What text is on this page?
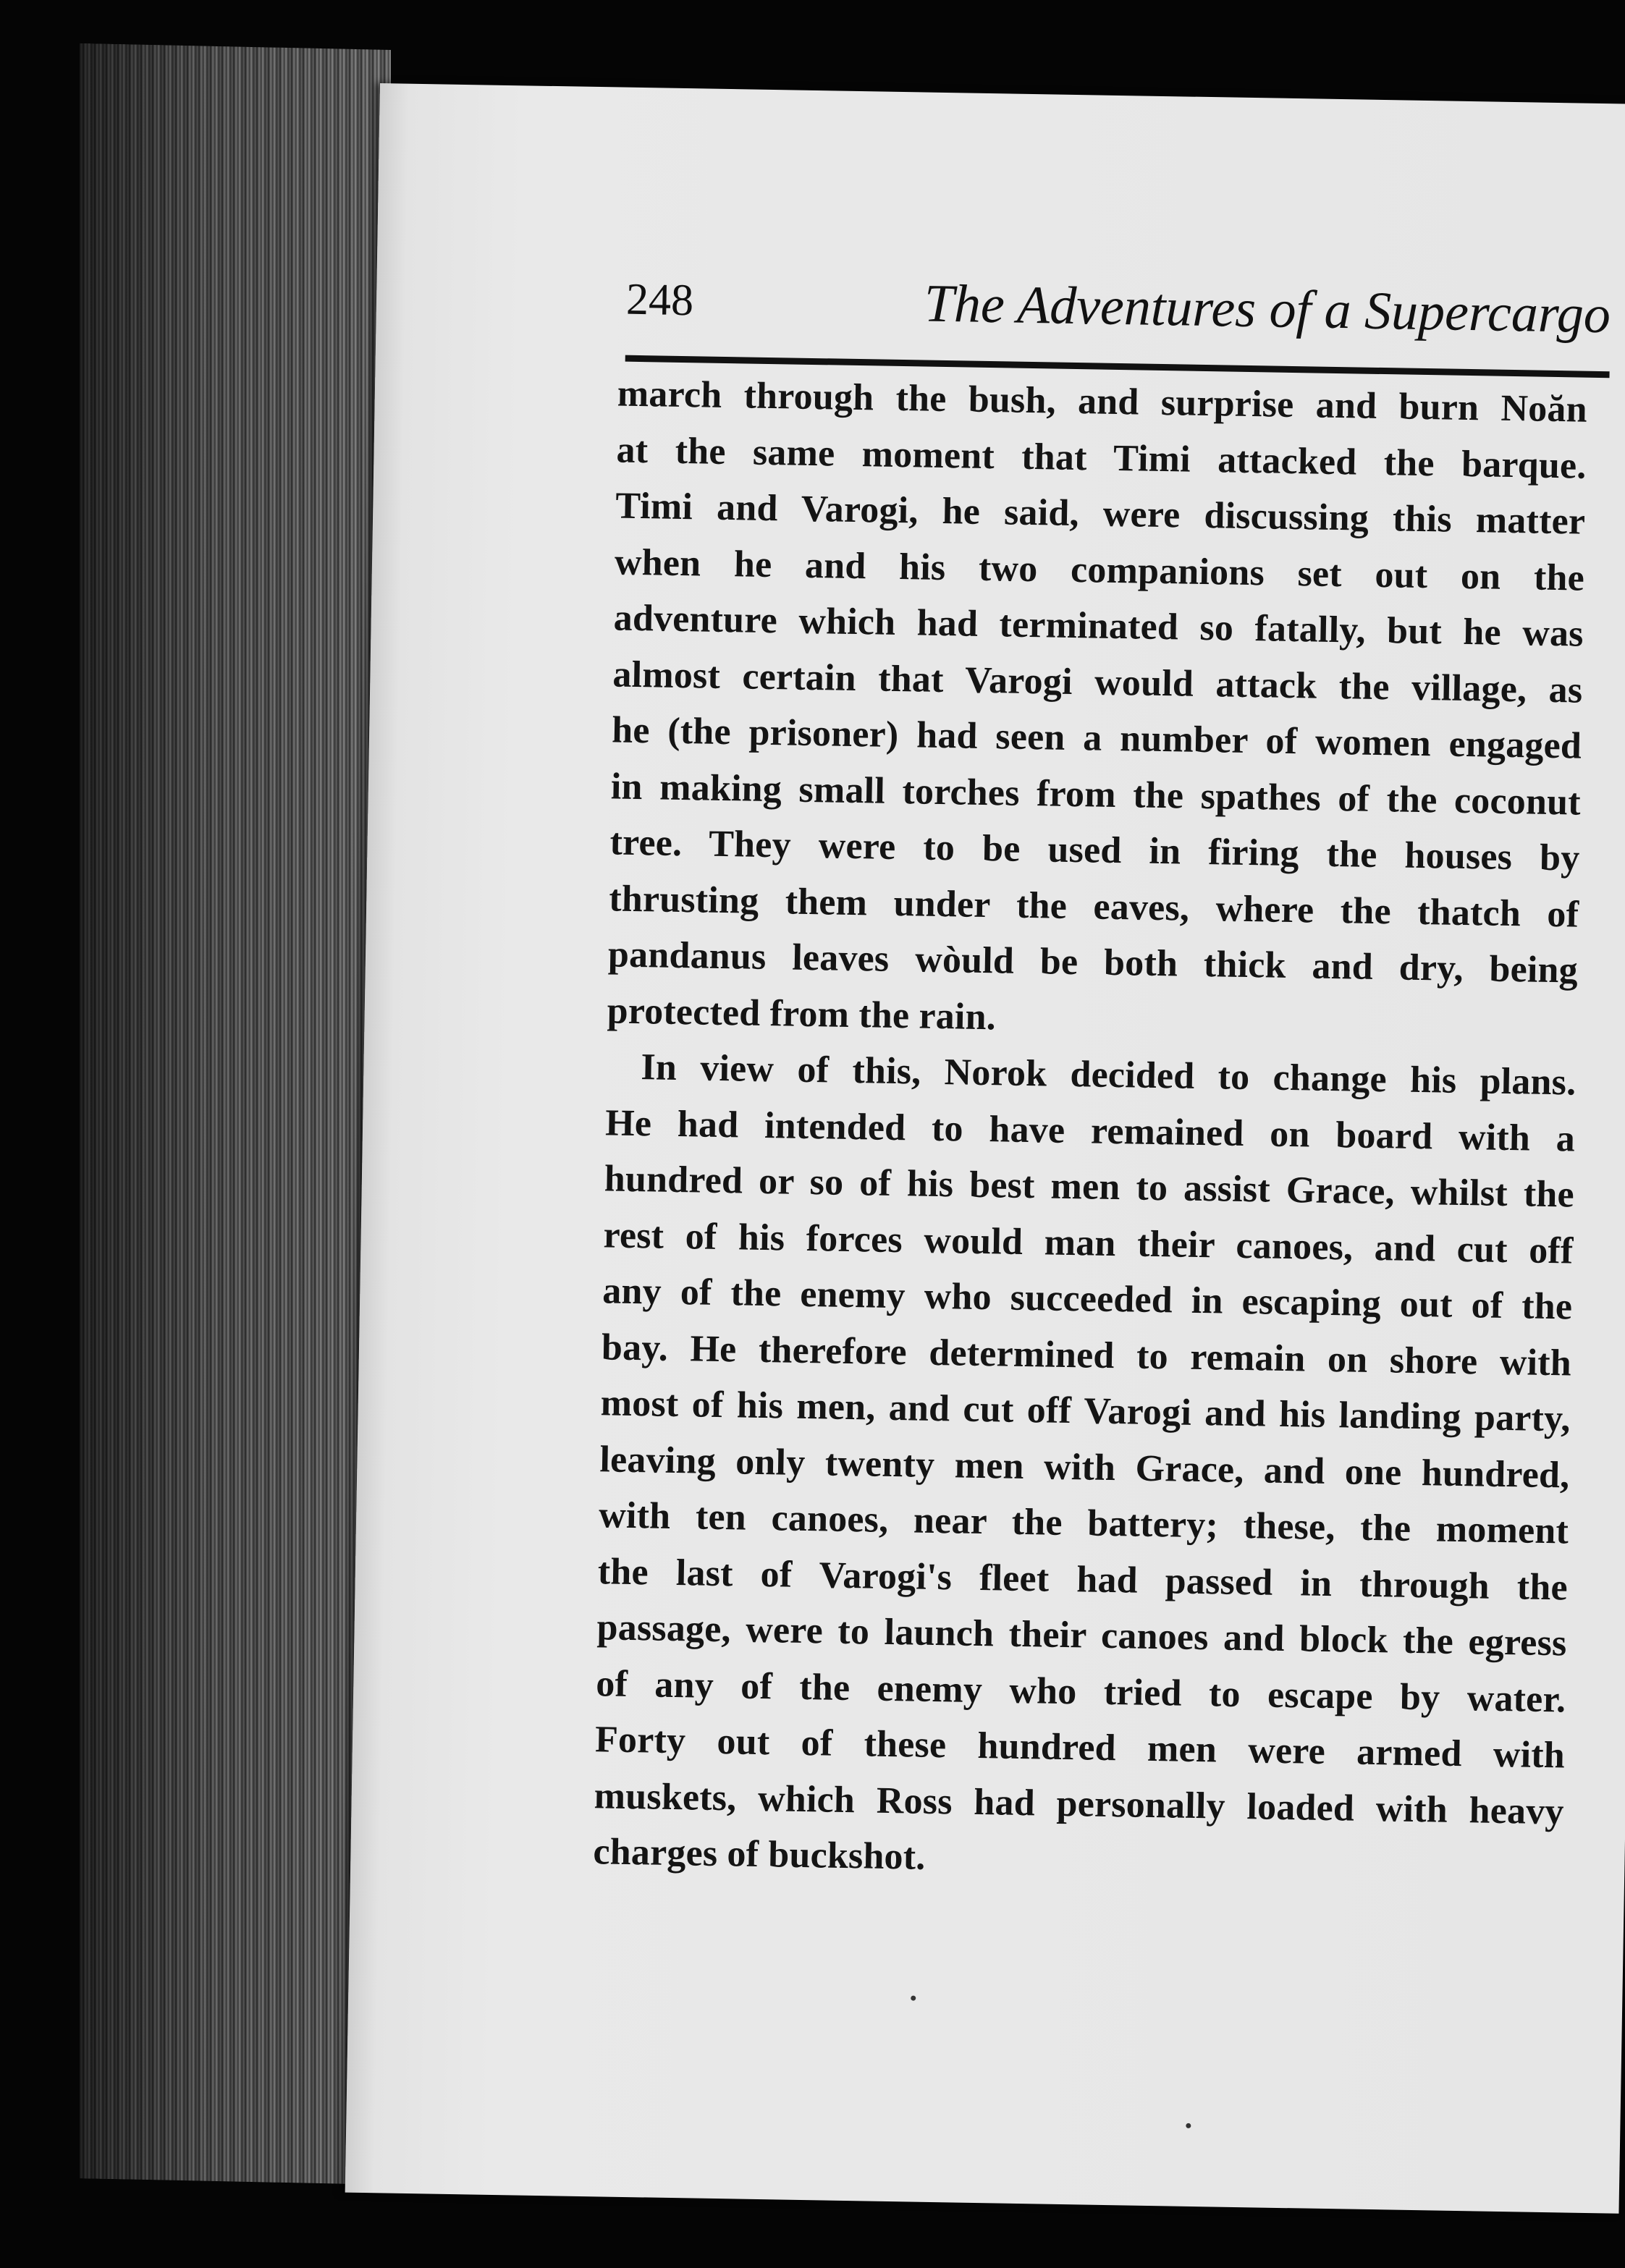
248	The Adventures of a Supercargo
march through the bush, and surprise and burn Noăn
at the same moment that Timi attacked the barque.
Timi and Varogi, he said, were discussing this matter
when he and his two companions set out on the
adventure which had terminated so fatally, but he was
almost certain that Varogi would attack the village, as
he (the prisoner) had seen a number of women engaged
in making small torches from the spathes of the coconut
tree. They were to be used in firing the houses by
thrusting them under the eaves, where the thatch of
pandanus leaves wòuld be both thick and dry, being
protected from the rain.
In view of this, Norok decided to change his plans.
He had intended to have remained on board with a
hundred or so of his best men to assist Grace, whilst the
rest of his forces would man their canoes, and cut off
any of the enemy who succeeded in escaping out of the
bay. He therefore determined to remain on shore with
most of his men, and cut off Varogi and his landing party,
leaving only twenty men with Grace, and one hundred,
with ten canoes, near the battery; these, the moment
the last of Varogi's fleet had passed in through the
passage, were to launch their canoes and block the egress
of any of the enemy who tried to escape by water.
Forty out of these hundred men were armed with
muskets, which Ross had personally loaded with heavy
charges of buckshot.
